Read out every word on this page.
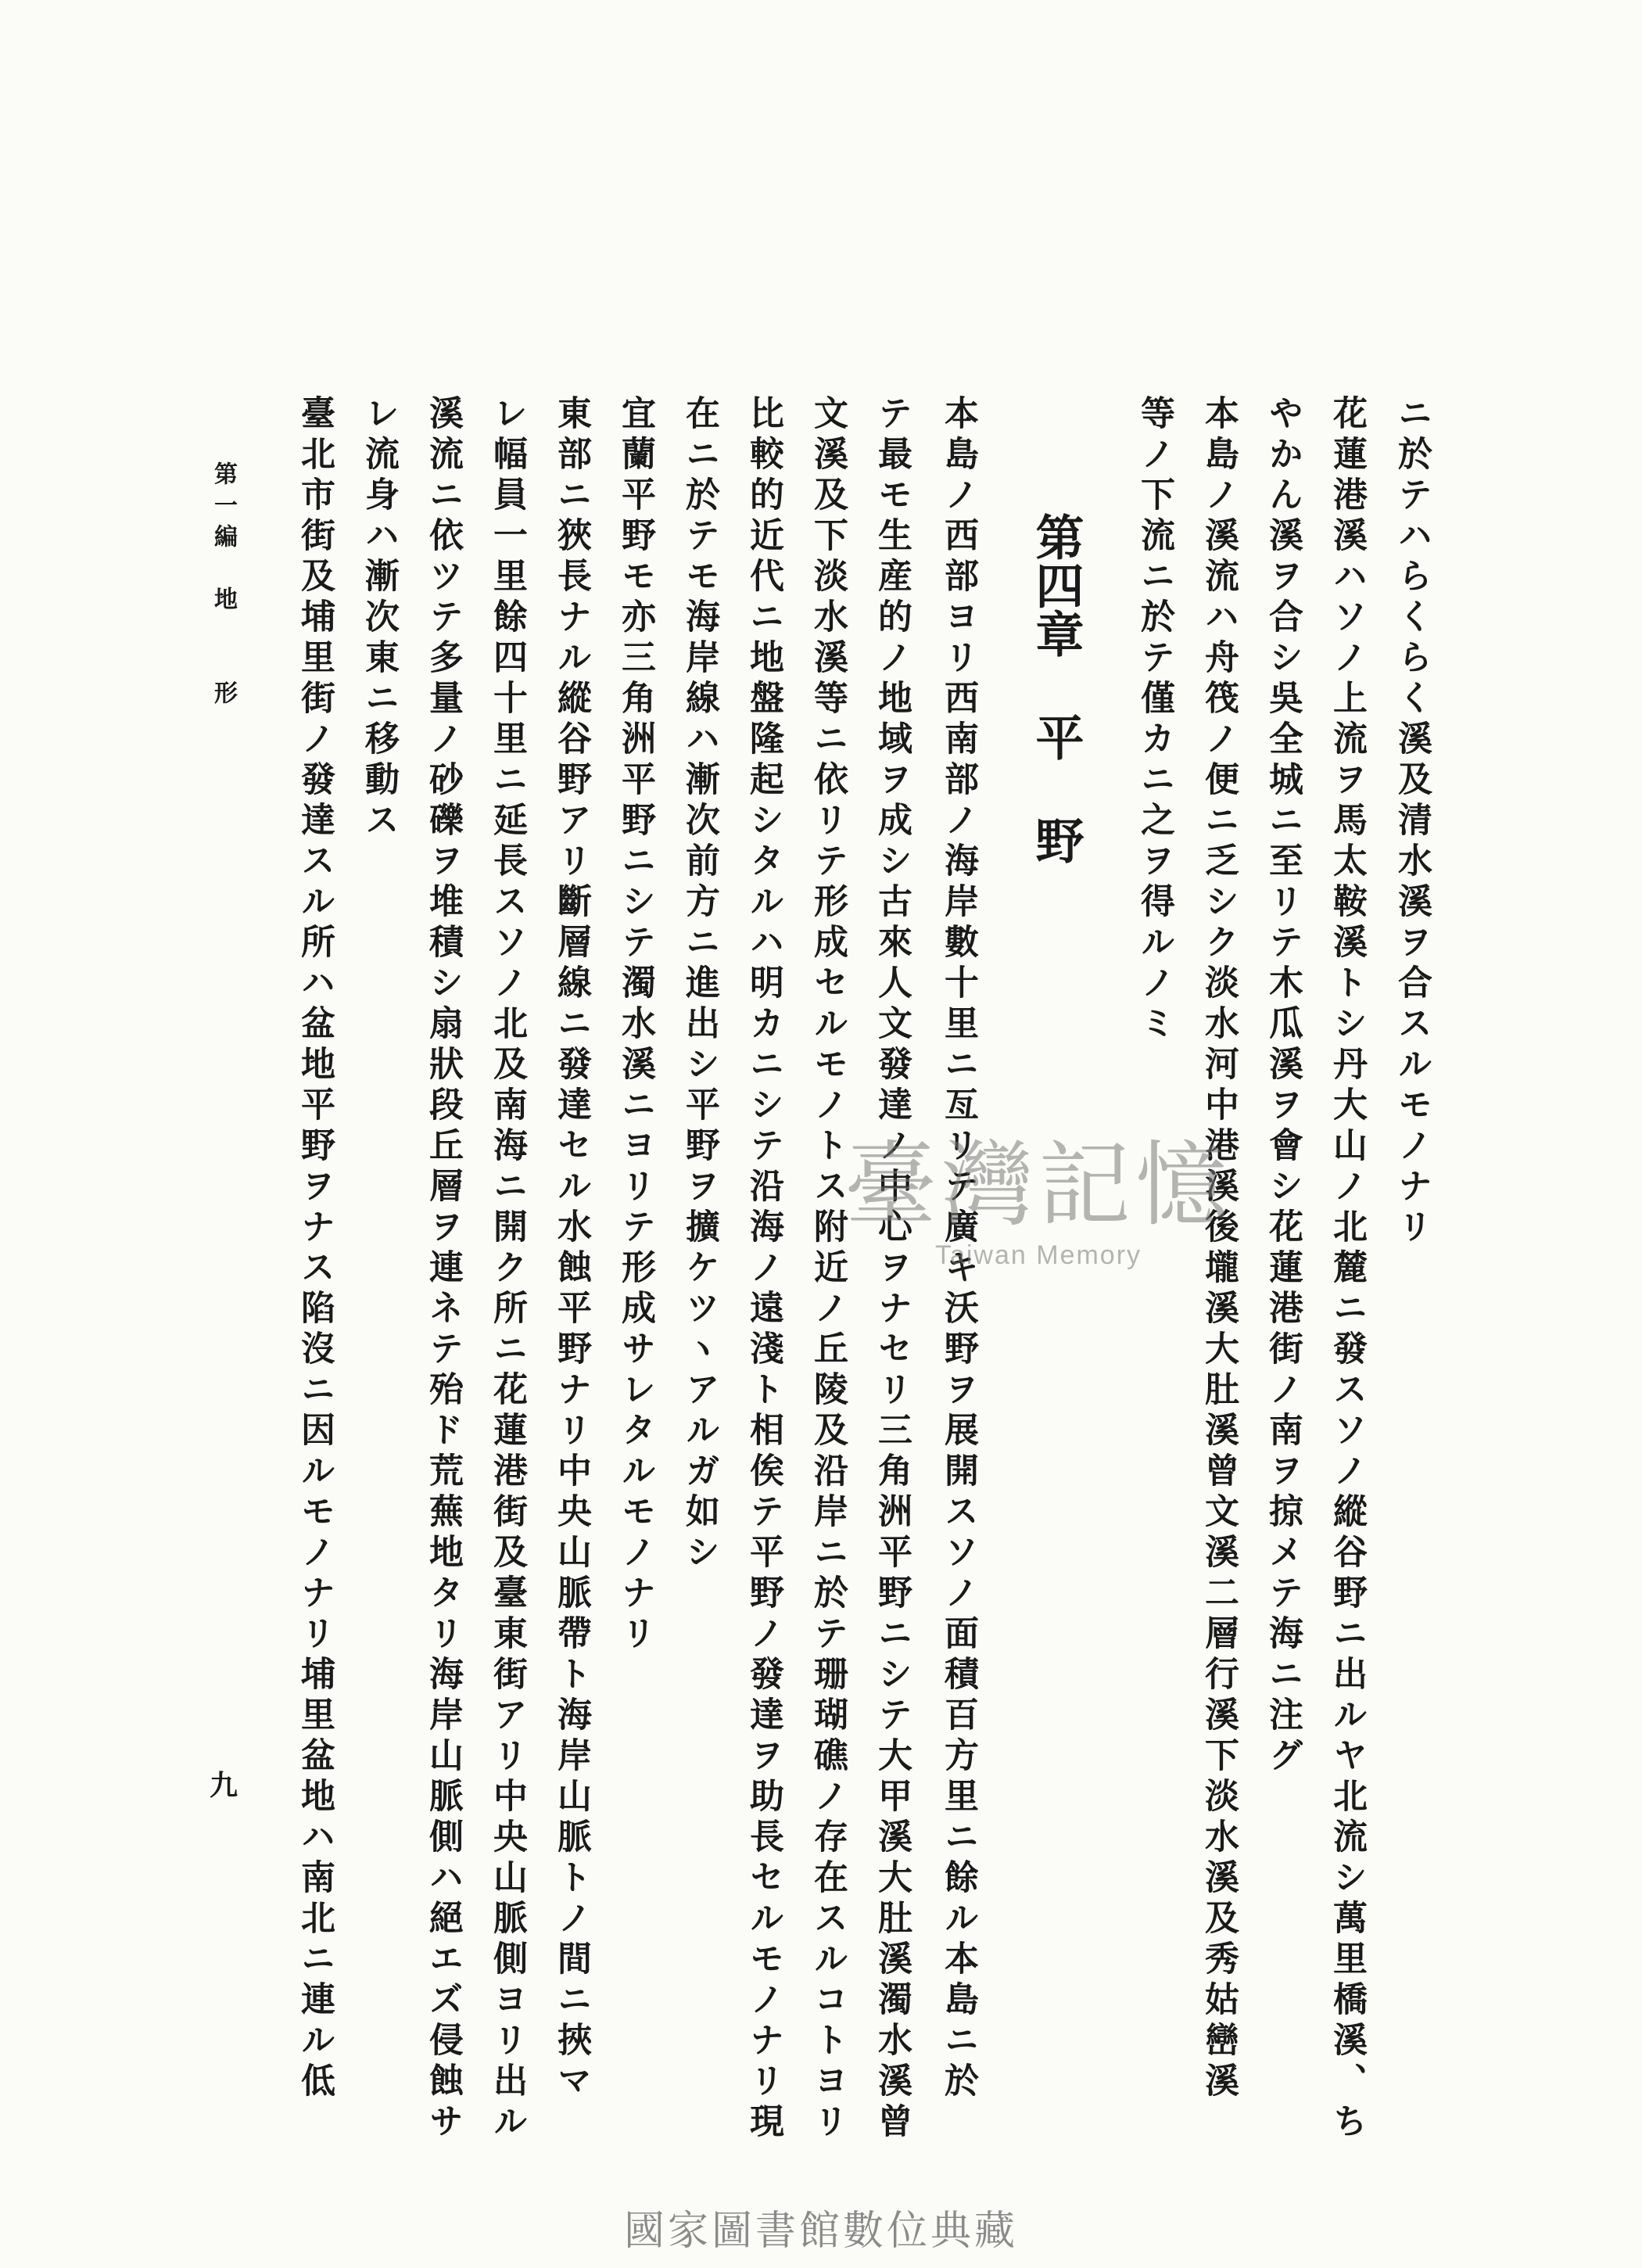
ニ於テハらくらく溪及清水溪ヲ合スルモノナリ
花蓮港溪ハソノ上流ヲ馬太鞍溪トシ丹大山ノ北麓ニ發スソノ縱谷野ニ出ルヤ北流シ萬里橋溪、ち
やかん溪ヲ合シ吳全城ニ至リテ木瓜溪ヲ會シ花蓮港街ノ南ヲ掠メテ海ニ注グ
本島ノ溪流ハ舟筏ノ便ニ乏シク淡水河中港溪後壠溪大肚溪曾文溪二層行溪下淡水溪及秀姑巒溪
等ノ下流ニ於テ僅カニ之ヲ得ルノミ
第四章平野
本島ノ西部ヨリ西南部ノ海岸數十里ニ亙リテ廣キ沃野ヲ展開スソノ面積百方里ニ餘ル本島ニ於
テ最モ生産的ノ地域ヲ成シ古來人文發達ノ中心ヲナセリ三角洲平野ニシテ大甲溪大肚溪濁水溪曾
文溪及下淡水溪等ニ依リテ形成セルモノトス附近ノ丘陵及沿岸ニ於テ珊瑚礁ノ存在スルコトヨリ
比較的近代ニ地盤隆起シタルハ明カニシテ沿海ノ遠淺ト相俟テ平野ノ發達ヲ助長セルモノナリ現
在ニ於テモ海岸線ハ漸次前方ニ進出シ平野ヲ擴ケツヽアルガ如シ
宜蘭平野モ亦三角洲平野ニシテ濁水溪ニヨリテ形成サレタルモノナリ
東部ニ狹長ナル縱谷野アリ斷層線ニ發達セル水蝕平野ナリ中央山脈帶ト海岸山脈トノ間ニ挾マ
レ幅員一里餘四十里ニ延長スソノ北及南海ニ開ク所ニ花蓮港街及臺東街アリ中央山脈側ヨリ出ル
溪流ニ依ツテ多量ノ砂礫ヲ堆積シ扇狀段丘層ヲ連ネテ殆ド荒蕪地タリ海岸山脈側ハ絕エズ侵蝕サ
レ流身ハ漸次東ニ移動ス
臺北市街及埔里街ノ發達スル所ハ盆地平野ヲナス陷沒ニ因ルモノナリ埔里盆地ハ南北ニ連ル低
第一編　地　　形
九
臺灣記憶
Taiwan Memory
國家圖書館數位典藏
